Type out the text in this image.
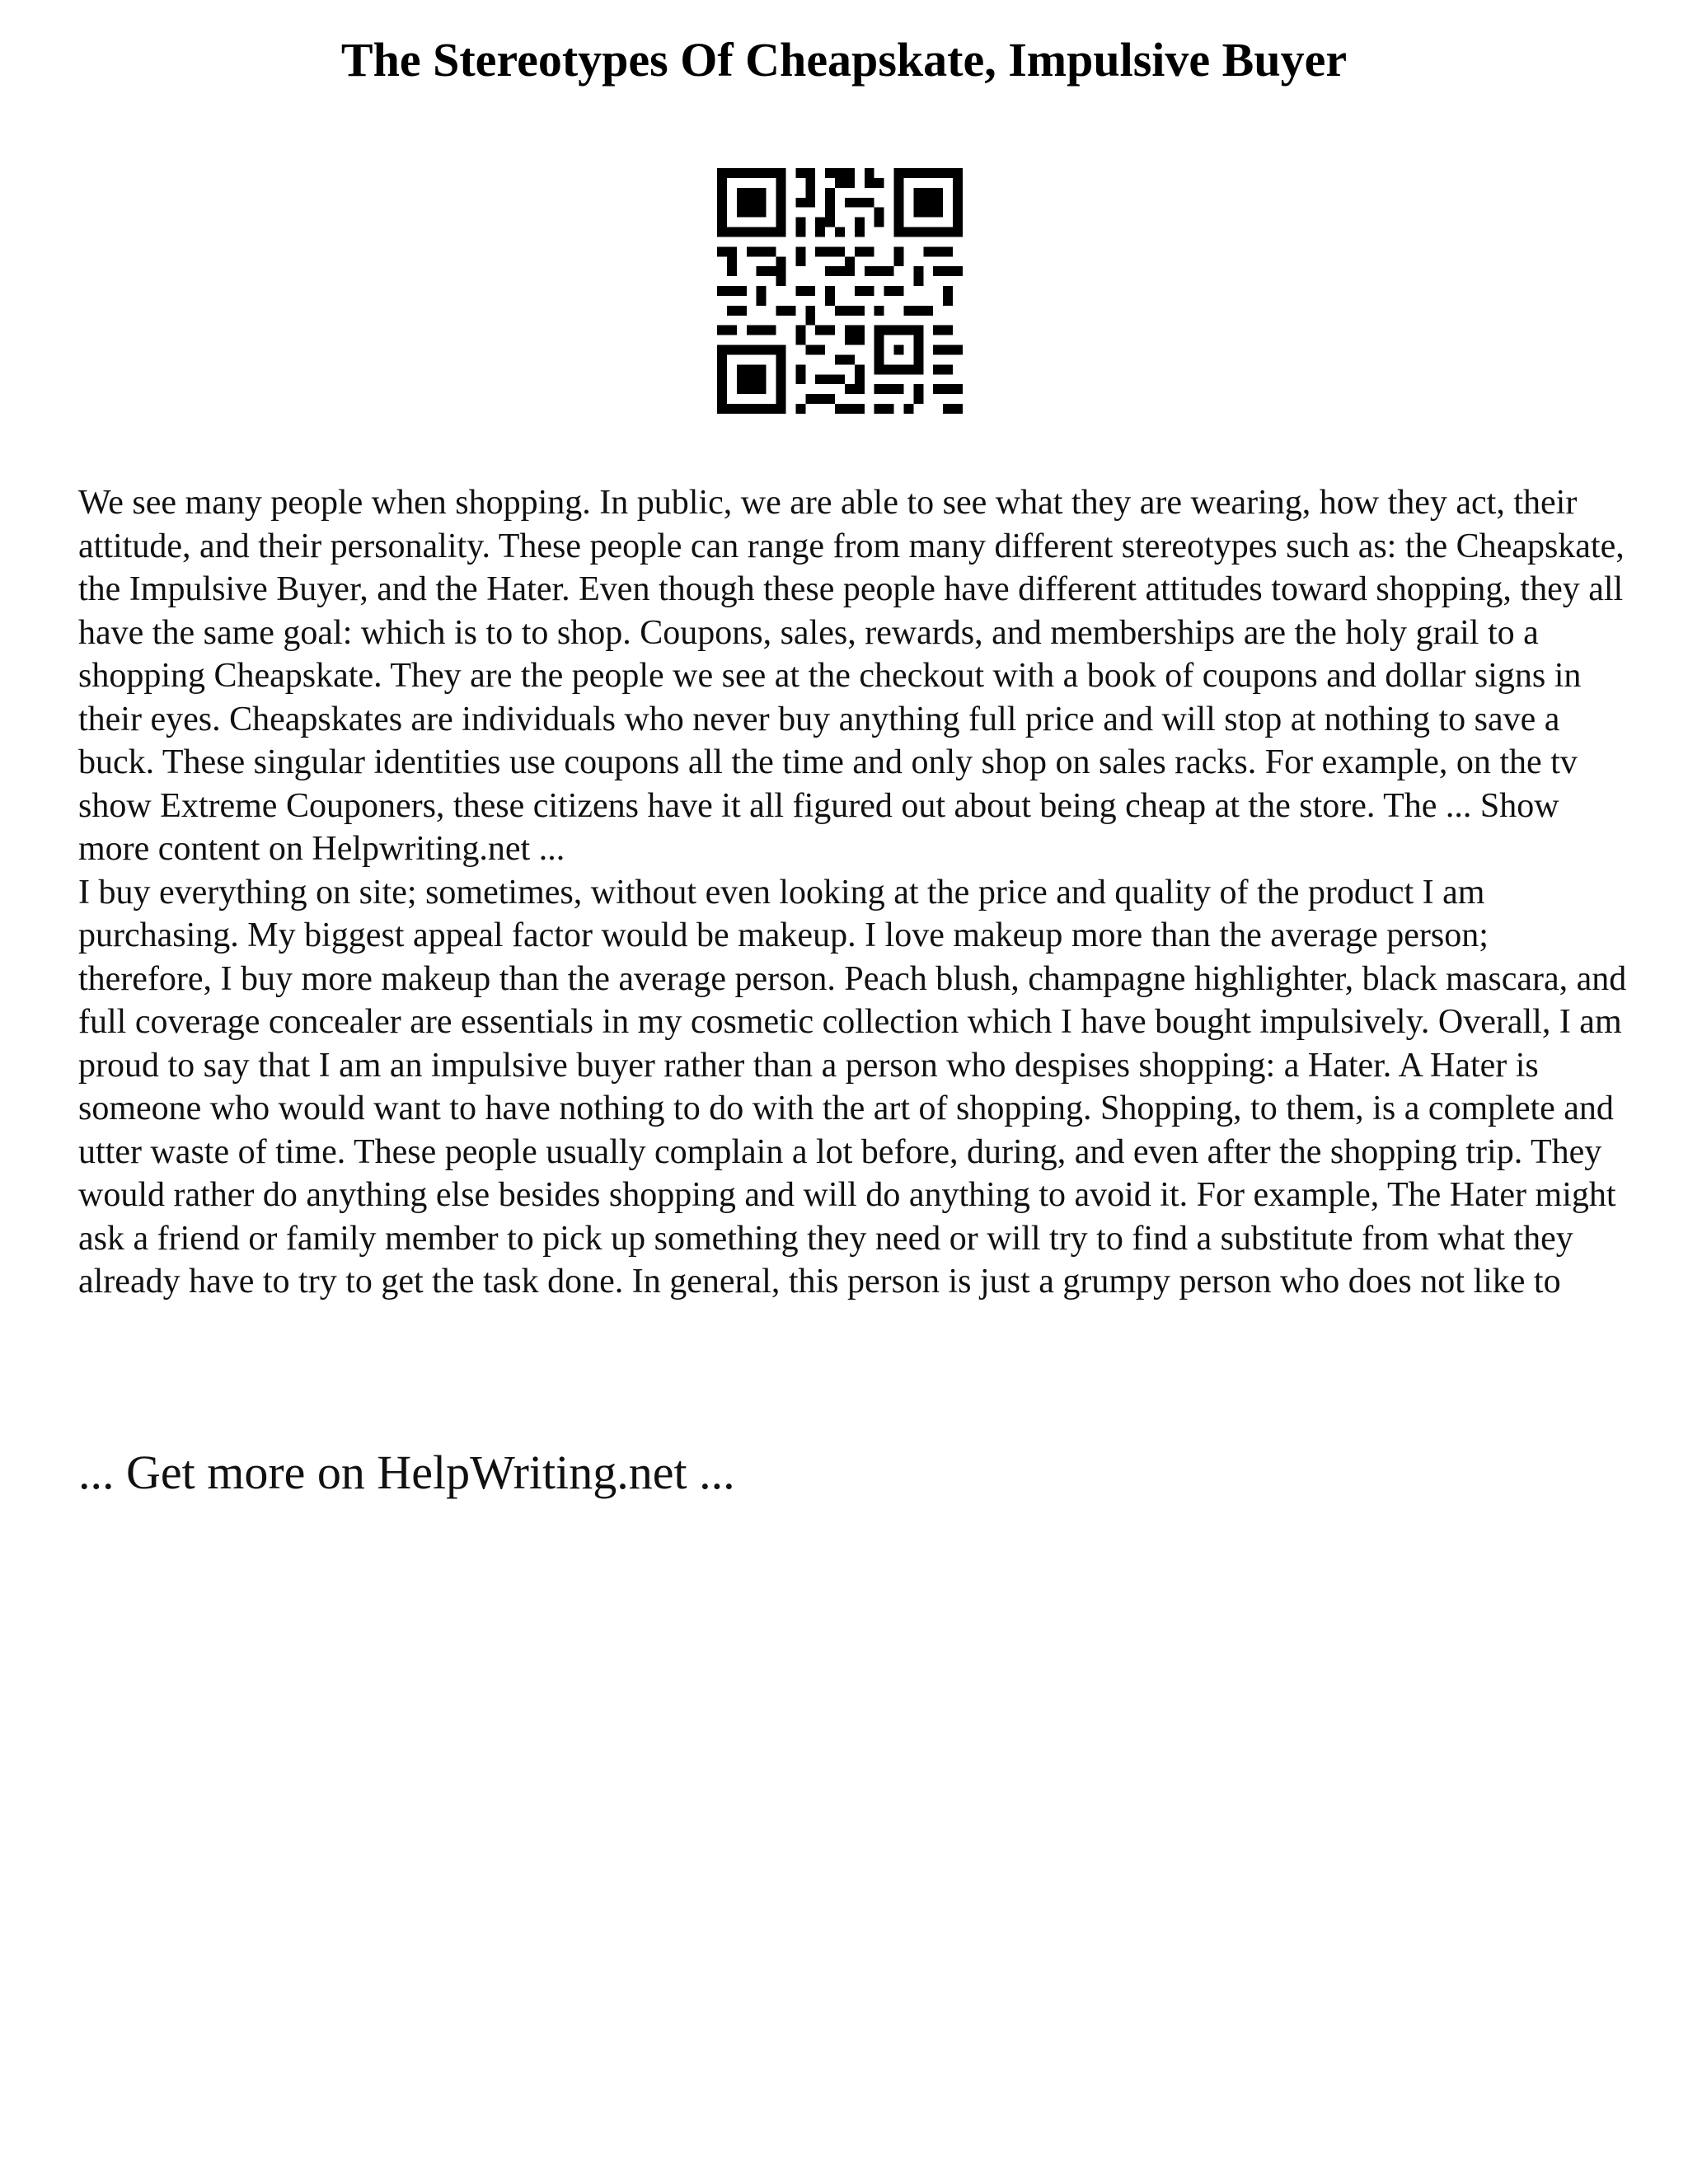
The Stereotypes Of Cheapskate, Impulsive Buyer

We see many people when shopping. In public, we are able to see what they are wearing, how they act, their attitude, and their personality. These people can range from many different stereotypes such as: the Cheapskate, the Impulsive Buyer, and the Hater. Even though these people have different attitudes toward shopping, they all have the same goal: which is to to shop. Coupons, sales, rewards, and memberships are the holy grail to a shopping Cheapskate. They are the people we see at the checkout with a book of coupons and dollar signs in their eyes. Cheapskates are individuals who never buy anything full price and will stop at nothing to save a buck. These singular identities use coupons all the time and only shop on sales racks. For example, on the tv show Extreme Couponers, these citizens have it all figured out about being cheap at the store. The ... Show more content on Helpwriting.net ...

I buy everything on site; sometimes, without even looking at the price and quality of the product I am purchasing. My biggest appeal factor would be makeup. I love makeup more than the average person; therefore, I buy more makeup than the average person. Peach blush, champagne highlighter, black mascara, and full coverage concealer are essentials in my cosmetic collection which I have bought impulsively. Overall, I am proud to say that I am an impulsive buyer rather than a person who despises shopping: a Hater. A Hater is someone who would want to have nothing to do with the art of shopping. Shopping, to them, is a complete and utter waste of time. These people usually complain a lot before, during, and even after the shopping trip. They would rather do anything else besides shopping and will do anything to avoid it. For example, The Hater might ask a friend or family member to pick up something they need or will try to find a substitute from what they already have to try to get the task done. In general, this person is just a grumpy person who does not like to

... Get more on HelpWriting.net ...
